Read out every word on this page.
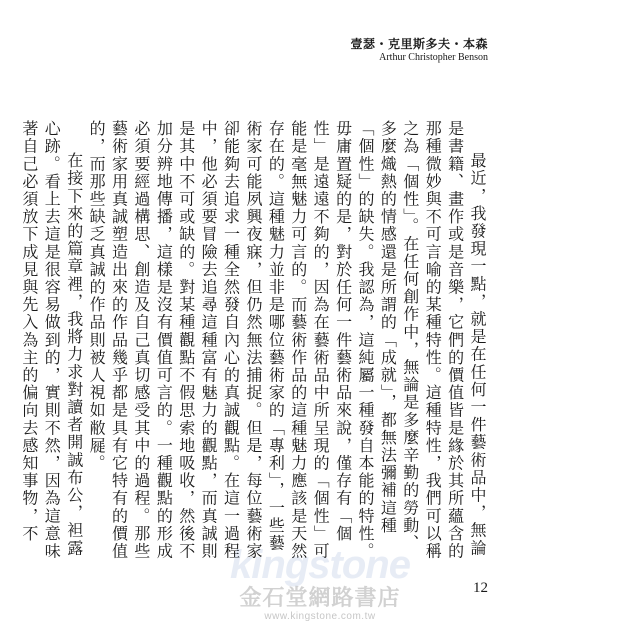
壹瑟・克里斯多夫・本森
Arthur Christopher Benson

最近，我發現一點，就是在任何一件藝術品中，無論是書籍、畫作或是音樂，它們的價值皆是緣於其所蘊含的那種微妙與不可言喻的某種特性。這種特性，我們可以稱之為「個性」。在任何創作中，無論是多麼辛勤的勞動、多麼熾熱的情感還是所謂的「成就」，都無法彌補這種「個性」的缺失。我認為，這純屬一種發自本能的特性。毋庸置疑的是，對於任何一件藝術品來說，僅存有「個性」是遠遠不夠的，因為在藝術品中所呈現的「個性」可能是毫無魅力可言的。而藝術作品的這種魅力應該是天然存在的。這種魅力並非是哪位藝術家的「專利」，一些藝術家可能夙興夜寐，但仍然無法捕捉。但是，每位藝術家卻能夠去追求一種全然發自內心的真誠觀點。在這一過程中，他必須要冒險去追尋這種富有魅力的觀點，而真誠則是其中不可或缺的。對某種觀點不假思索地吸收，然後不加分辨地傳播，這樣是沒有價值可言的。一種觀點的形成必須要經過構思、創造及自己真切感受其中的過程。那些藝術家用真誠塑造出來的作品幾乎都是具有它特有的價值的，而那些缺乏真誠的作品則被人視如敝屣。

在接下來的篇章裡，我將力求對讀者開誠布公，袒露心跡。看上去這是很容易做到的，實則不然，因為這意味著自己必須放下成見與先入為主的偏向去感知事物，不

12
kingstone
金石堂網路書店
www.kingstone.com.tw
